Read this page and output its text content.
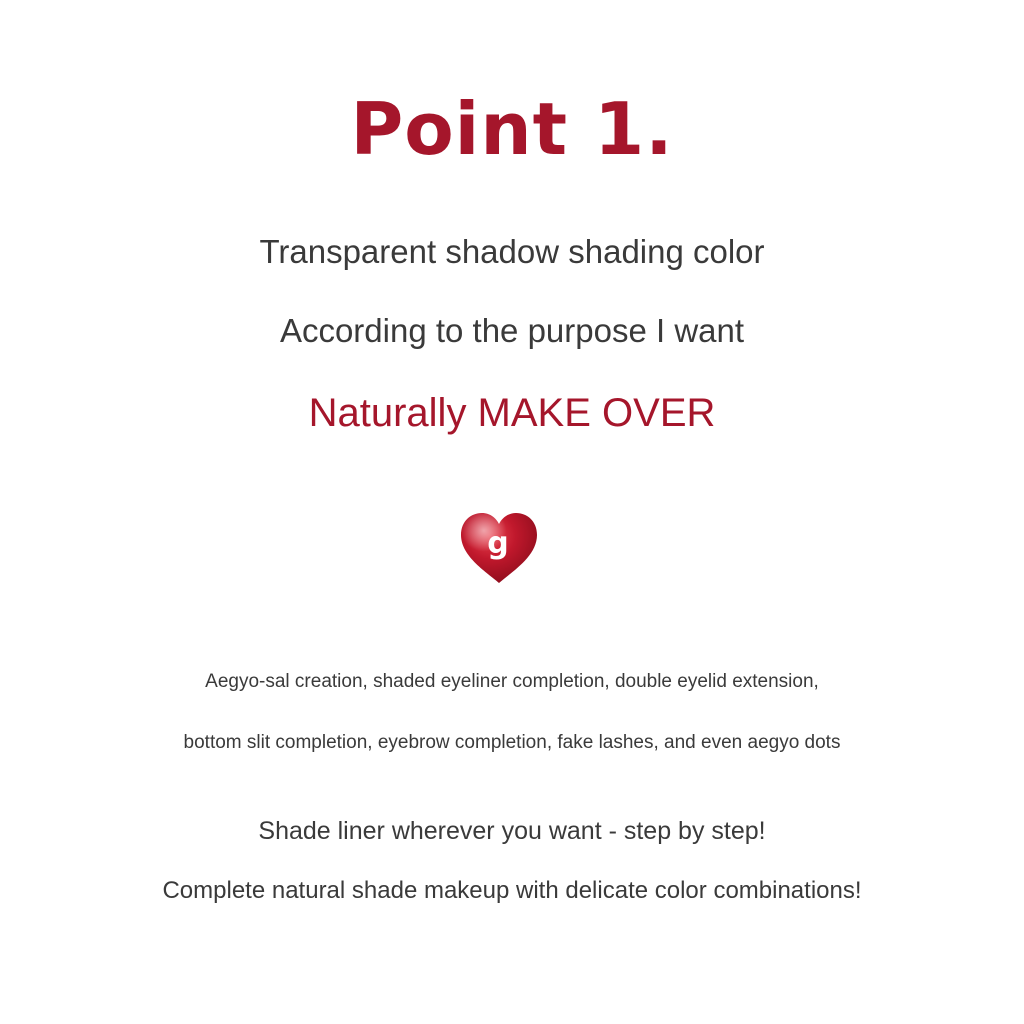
Point 1.

Transparent shadow shading color

According to the purpose I want

Naturally MAKE OVER

g

Aegyo-sal creation, shaded eyeliner completion, double eyelid extension,

bottom slit completion, eyebrow completion, fake lashes, and even aegyo dots

Shade liner wherever you want - step by step!

Complete natural shade makeup with delicate color combinations!
